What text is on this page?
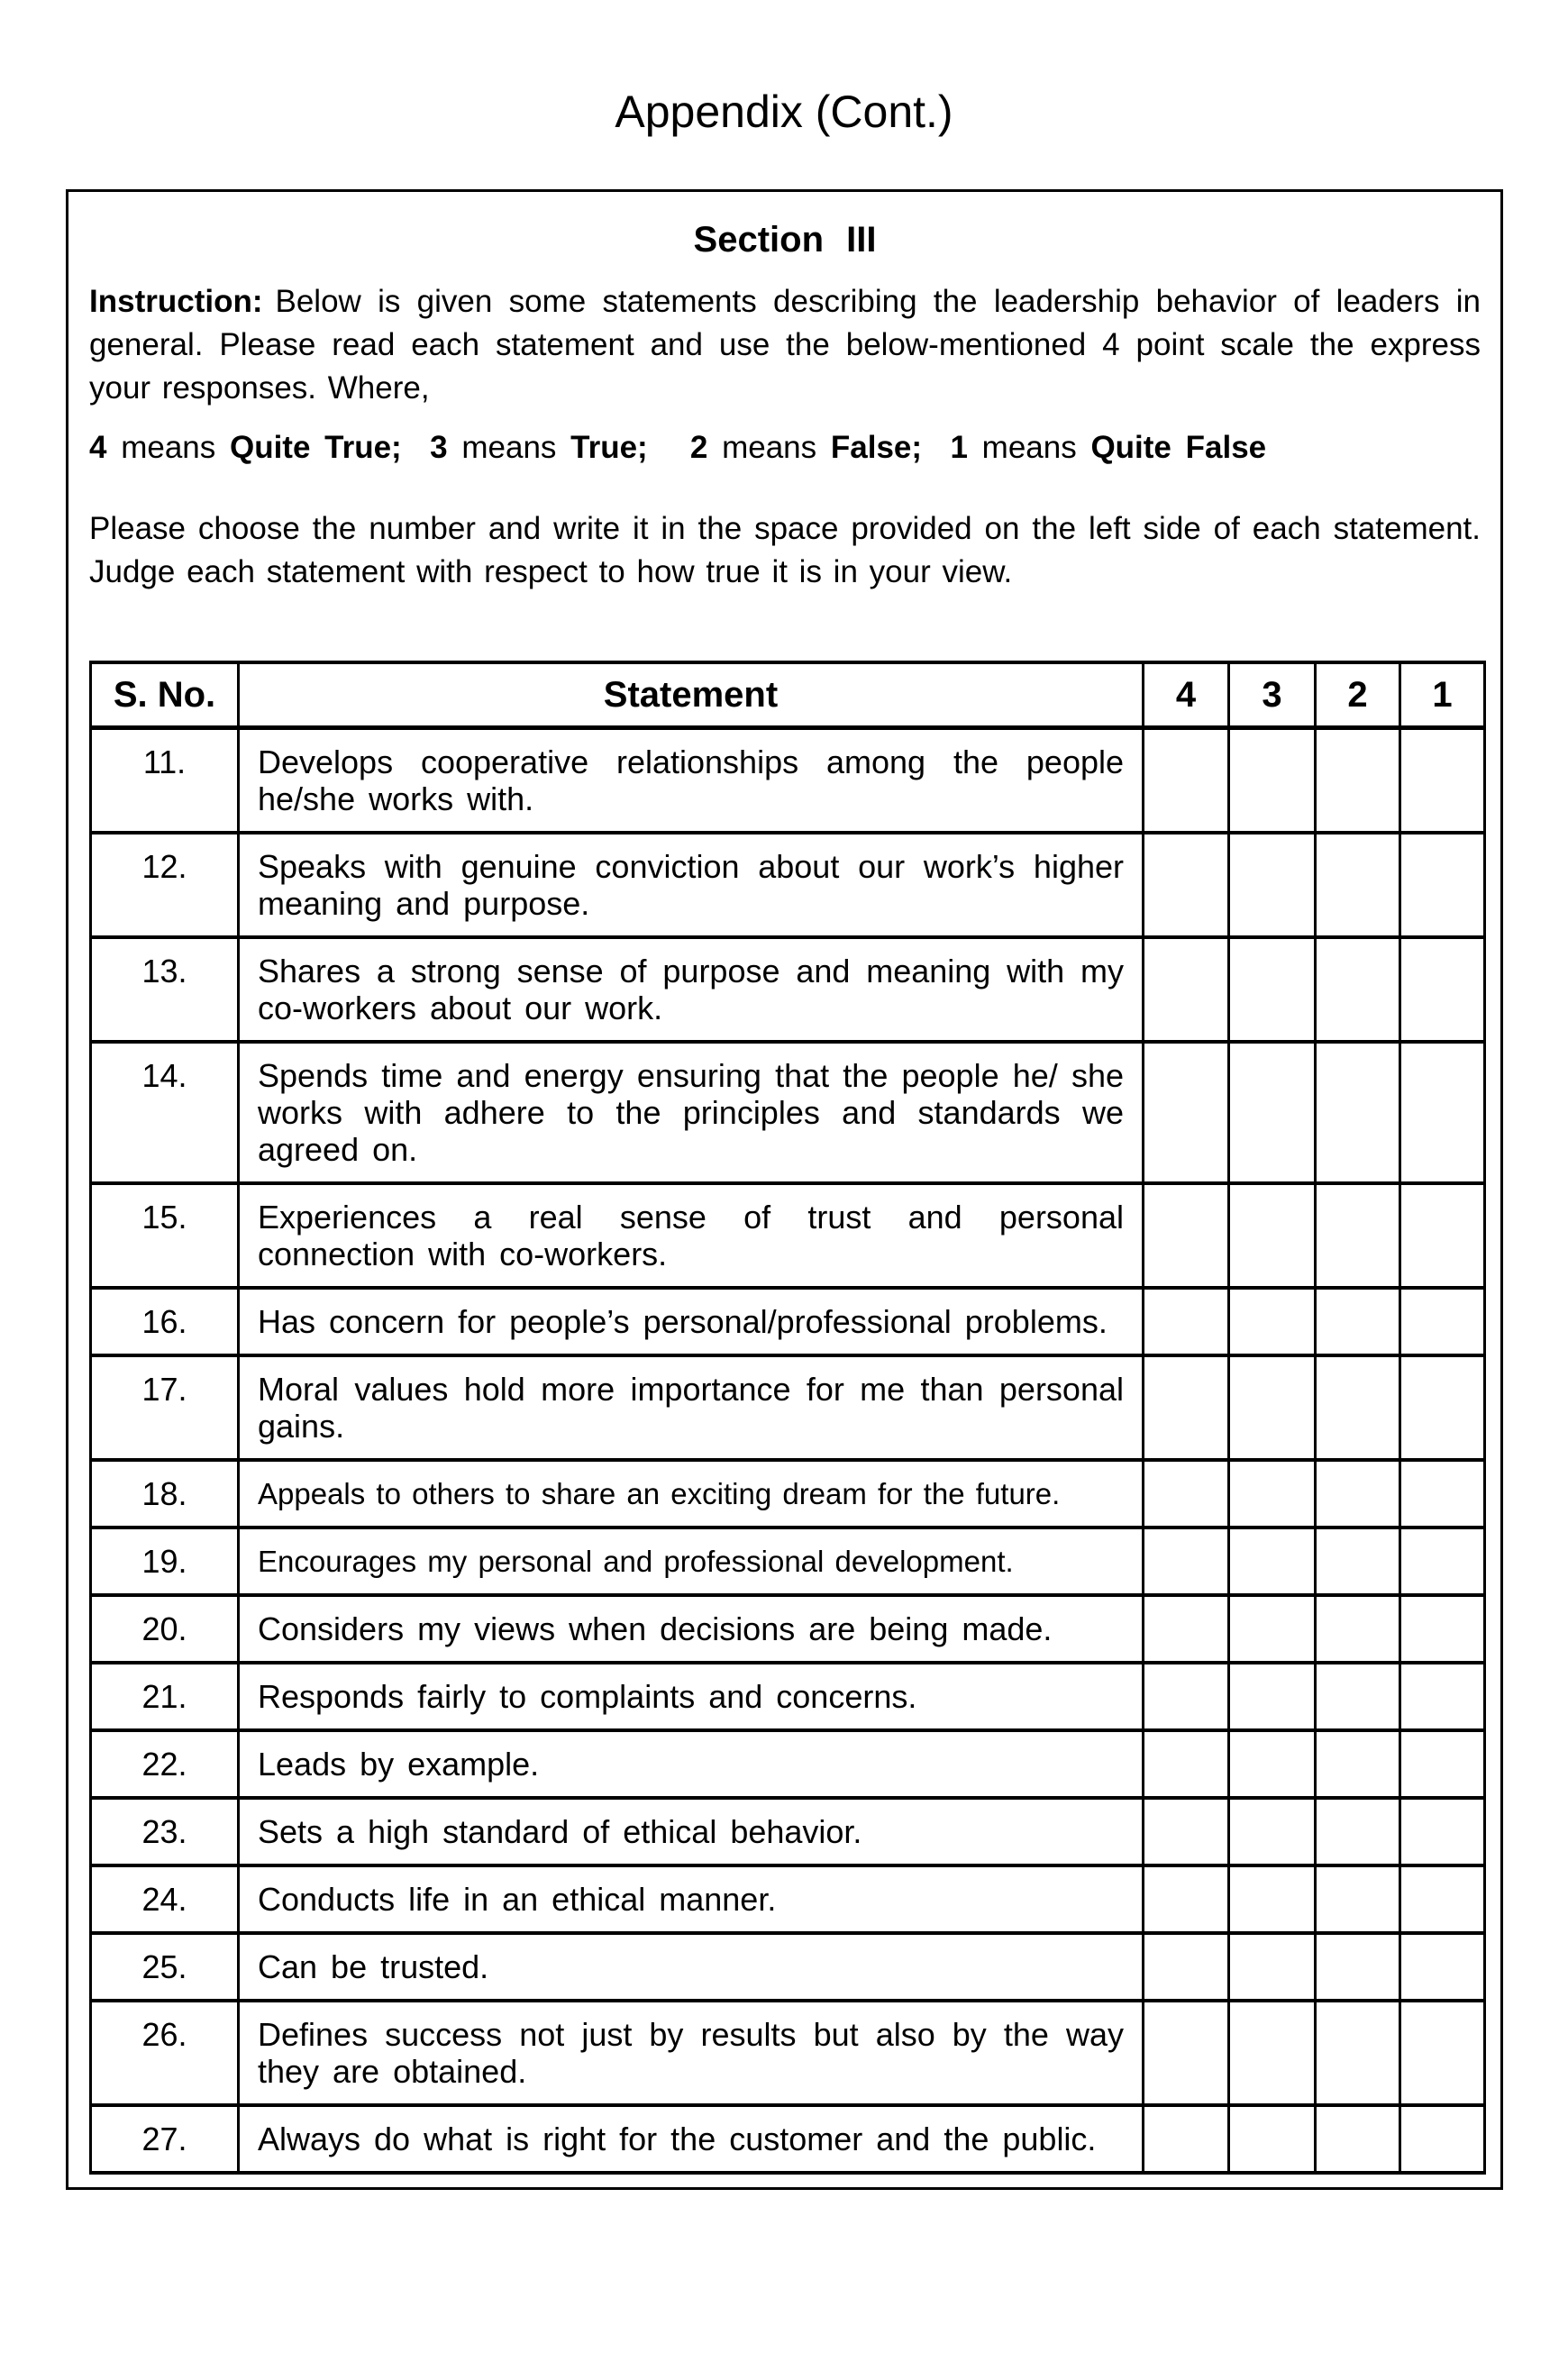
Appendix (Cont.)
Section III

Instruction: Below is given some statements describing the leadership behavior of leaders in general. Please read each statement and use the below-mentioned 4 point scale the express your responses. Where,

4 means Quite True; 3 means True; 2 means False; 1 means Quite False

Please choose the number and write it in the space provided on the left side of each statement. Judge each statement with respect to how true it is in your view.

S. No.	Statement	4	3	2	1
11.	Develops cooperative relationships among the people he/she works with.				
12.	Speaks with genuine conviction about our work’s higher meaning and purpose.				
13.	Shares a strong sense of purpose and meaning with my co-workers about our work.				
14.	Spends time and energy ensuring that the people he/ she works with adhere to the principles and standards we agreed on.				
15.	Experiences a real sense of trust and personal connection with co-workers.				
16.	Has concern for people’s personal/professional problems.				
17.	Moral values hold more importance for me than personal gains.				
18.	Appeals to others to share an exciting dream for the future.				
19.	Encourages my personal and professional development.				
20.	Considers my views when decisions are being made.				
21.	Responds fairly to complaints and concerns.				
22.	Leads by example.				
23.	Sets a high standard of ethical behavior.				
24.	Conducts life in an ethical manner.				
25.	Can be trusted.				
26.	Defines success not just by results but also by the way they are obtained.				
27.	Always do what is right for the customer and the public.				
